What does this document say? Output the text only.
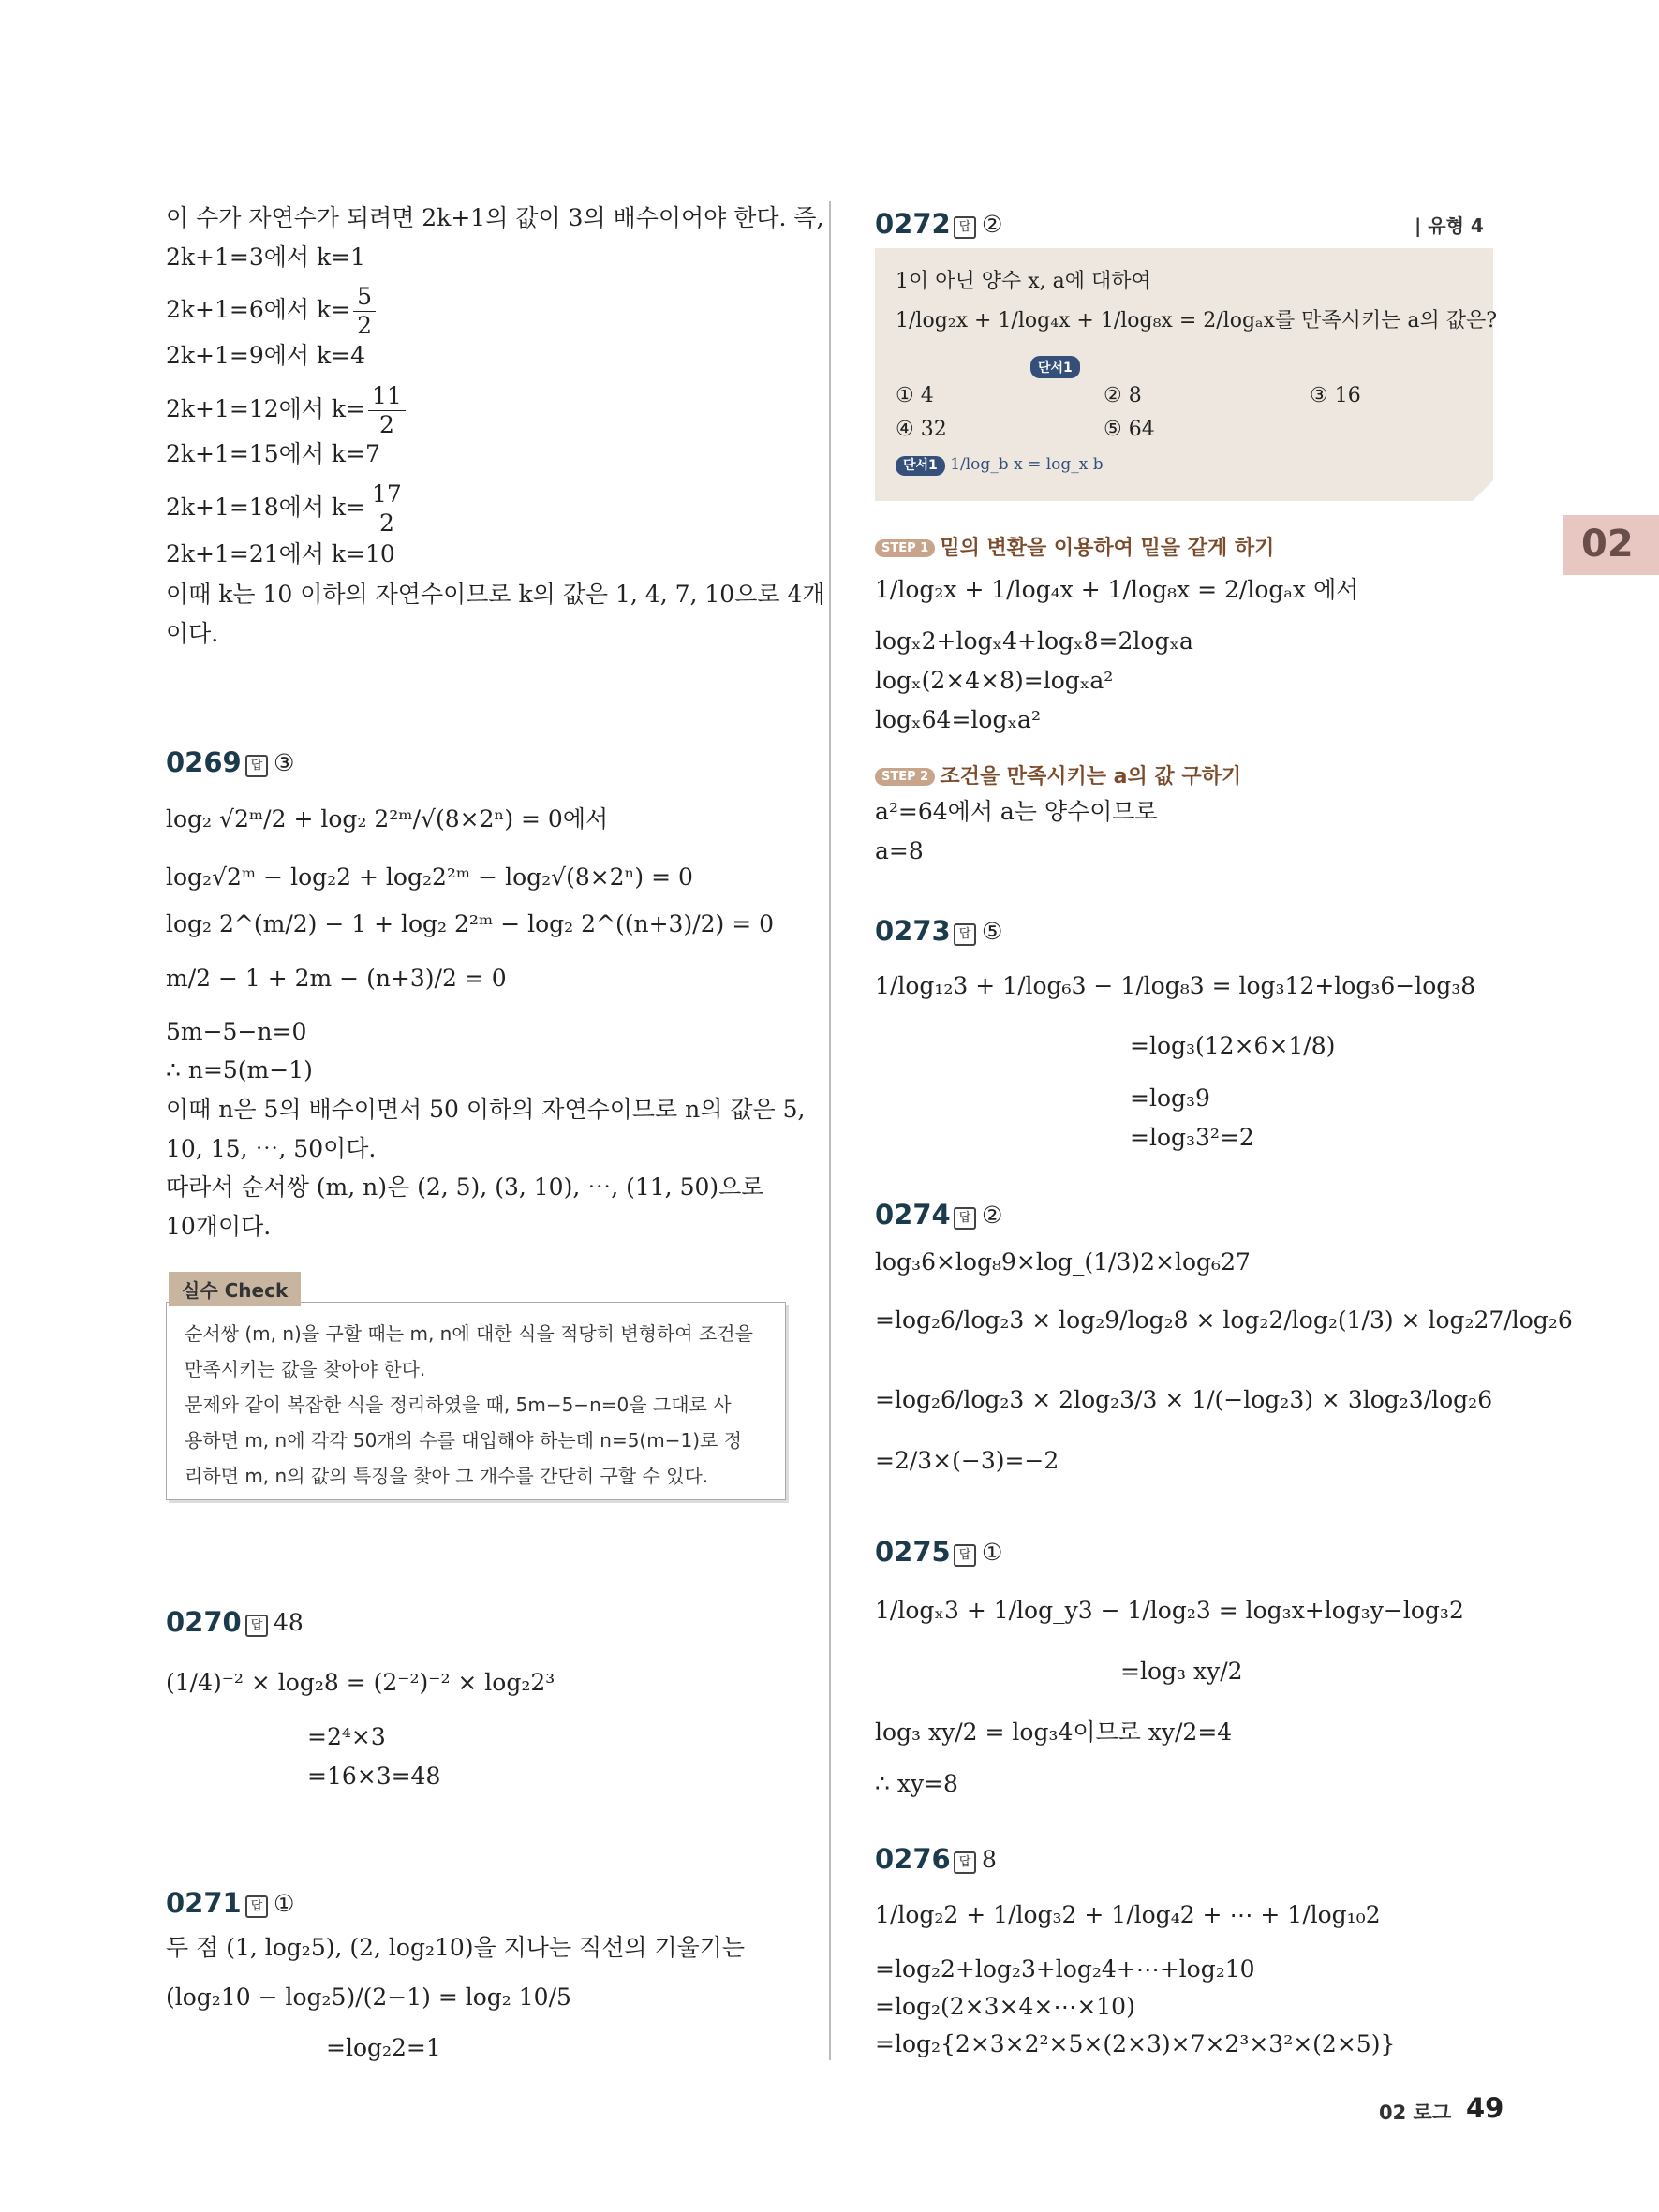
02
이 수가 자연수가 되려면 2k+1의 값이 3의 배수이어야 한다. 즉,
2k+1=3에서 k=1
2k+1=6에서 $k= \frac{5}{2}$
2k+1=9에서 k=4
2k+1=12에서 $k= \frac{11}{2}$
2k+1=15에서 k=7
2k+1=18에서 $k= \frac{17}{2}$
2k+1=21에서 k=10
이때 k는 10 이하의 자연수이므로 k의 값은 1, 4, 7, 10으로 4개
이다.
0269 답 ③
log₂ √2ᵐ/2 + log₂ 2²ᵐ/√(8×2ⁿ) = 0에서
log₂√2ᵐ − log₂2 + log₂2²ᵐ − log₂√(8×2ⁿ) = 0
log₂ 2^(m/2) − 1 + log₂ 2²ᵐ − log₂ 2^((n+3)/2) = 0
m/2 − 1 + 2m − (n+3)/2 = 0
5m−5−n=0
∴ n=5(m−1)
이때 n은 5의 배수이면서 50 이하의 자연수이므로 n의 값은 5,
10, 15, ⋯, 50이다.
따라서 순서쌍 (m, n)은 (2, 5), (3, 10), ⋯, (11, 50)으로
10개이다.
실수 Check
순서쌍 (m, n)을 구할 때는 m, n에 대한 식을 적당히 변형하여 조건을
만족시키는 값을 찾아야 한다.
문제와 같이 복잡한 식을 정리하였을 때, 5m−5−n=0을 그대로 사
용하면 m, n에 각각 50개의 수를 대입해야 하는데 n=5(m−1)로 정
리하면 m, n의 값의 특징을 찾아 그 개수를 간단히 구할 수 있다.
0270 답 48
(1/4)⁻² × log₂8 = (2⁻²)⁻² × log₂2³
=2⁴×3
=16×3=48
0271 답 ①
두 점 (1, log₂5), (2, log₂10)을 지나는 직선의 기울기는
(log₂10 − log₂5)/(2−1) = log₂ 10/5
=log₂2=1
0272 답 ②	| 유형 4
1이 아닌 양수 x, a에 대하여
1/log₂x + 1/log₄x + 1/log₈x = 2/logₐx를 만족시키는 a의 값은?
단서1
① 4	② 8	③ 16
④ 32	⑤ 64
단서1 1/log_b x = log_x b
STEP 1 밑의 변환을 이용하여 밑을 같게 하기
1/log₂x + 1/log₄x + 1/log₈x = 2/logₐx 에서
logₓ2+logₓ4+logₓ8=2logₓa
logₓ(2×4×8)=logₓa²
logₓ64=logₓa²
STEP 2 조건을 만족시키는 a의 값 구하기
a²=64에서 a는 양수이므로
a=8
0273 답 ⑤
1/log₁₂3 + 1/log₆3 − 1/log₈3 = log₃12+log₃6−log₃8
=log₃(12×6×1/8)
=log₃9
=log₃3²=2
0274 답 ②
log₃6×log₈9×log_(1/3)2×log₆27
=log₂6/log₂3 × log₂9/log₂8 × log₂2/log₂(1/3) × log₂27/log₂6
=log₂6/log₂3 × 2log₂3/3 × 1/(−log₂3) × 3log₂3/log₂6
=2/3×(−3)=−2
0275 답 ①
1/logₓ3 + 1/log_y3 − 1/log₂3 = log₃x+log₃y−log₃2
=log₃ xy/2
log₃ xy/2 = log₃4이므로 xy/2=4
∴ xy=8
0276 답 8
1/log₂2 + 1/log₃2 + 1/log₄2 + ⋯ + 1/log₁₀2
=log₂2+log₂3+log₂4+⋯+log₂10
=log₂(2×3×4×⋯×10)
=log₂{2×3×2²×5×(2×3)×7×2³×3²×(2×5)}
02 로그 49
